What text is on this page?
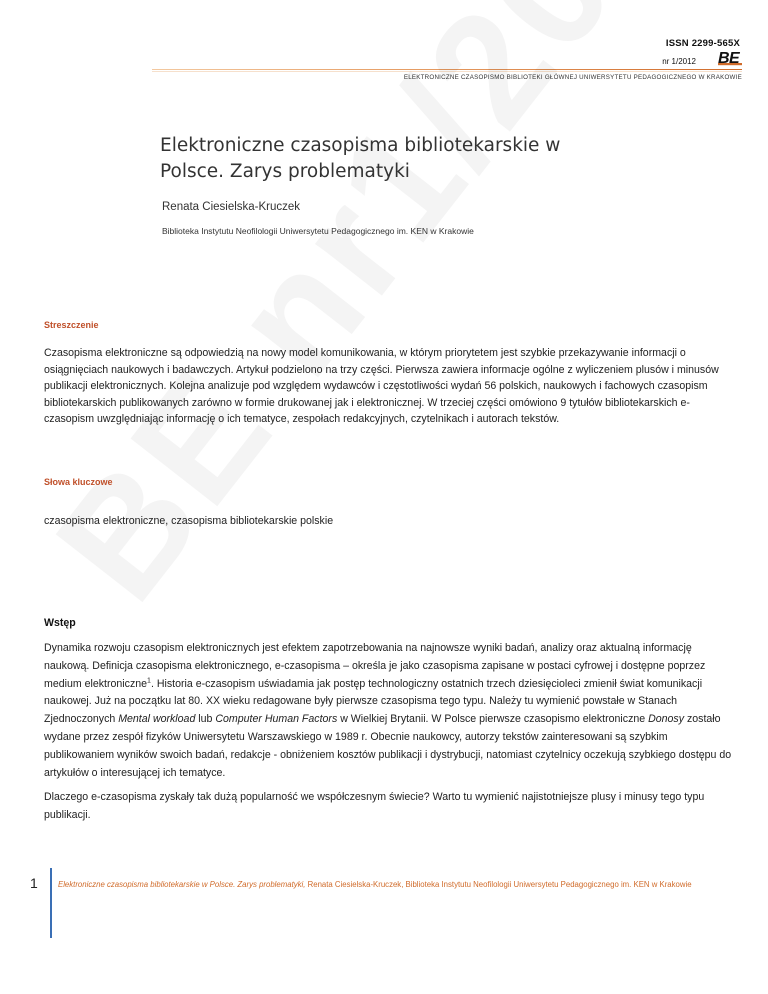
ISSN 2299-565X
nr 1/2012 B E
ELEKTRONICZNE CZASOPISMO BIBLIOTEKI GŁÓWNEJ UNIWERSYTETU PEDAGOGICZNEGO W KRAKOWIE
Elektroniczne czasopisma bibliotekarskie w Polsce. Zarys problematyki
Renata Ciesielska-Kruczek
Biblioteka Instytutu Neofilologii Uniwersytetu Pedagogicznego im. KEN w Krakowie
Streszczenie
Czasopisma elektroniczne są odpowiedzią na nowy model komunikowania, w którym priorytetem jest szybkie przekazywanie informacji o osiągnięciach naukowych i badawczych. Artykuł podzielono na trzy części. Pierwsza zawiera informacje ogólne z wyliczeniem plusów i minusów publikacji elektronicznych. Kolejna analizuje pod względem wydawców i częstotliwości wydań 56 polskich, naukowych i fachowych czasopism bibliotekarskich publikowanych zarówno w formie drukowanej jak i elektronicznej. W trzeciej części omówiono 9 tytułów bibliotekarskich e-czasopism uwzględniając informację o ich tematyce, zespołach redakcyjnych, czytelnikach i autorach tekstów.
Słowa kluczowe
czasopisma elektroniczne, czasopisma bibliotekarskie polskie
Wstęp
Dynamika rozwoju czasopism elektronicznych jest efektem zapotrzebowania na najnowsze wyniki badań, analizy oraz aktualną informację naukową. Definicja czasopisma elektronicznego, e-czasopisma – określa je jako czasopisma zapisane w postaci cyfrowej i dostępne poprzez medium elektroniczne$^1$. Historia e-czasopism uświadamia jak postęp technologiczny ostatnich trzech dziesięcioleci zmienił świat komunikacji naukowej. Już na początku lat 80. XX wieku redagowane były pierwsze czasopisma tego typu. Należy tu wymienić powstałe w Stanach Zjednoczonych Mental workload lub Computer Human Factors w Wielkiej Brytanii. W Polsce pierwsze czasopismo elektroniczne Donosy zostało wydane przez zespół fizyków Uniwersytetu Warszawskiego w 1989 r. Obecnie naukowcy, autorzy tekstów zainteresowani są szybkim publikowaniem wyników swoich badań, redakcje - obniżeniem kosztów publikacji i dystrybucji, natomiast czytelnicy oczekują szybkiego dostępu do artykułów o interesującej ich tematyce.
Dlaczego e-czasopisma zyskały tak dużą popularność we współczesnym świecie? Warto tu wymienić najistotniejsze plusy i minusy tego typu publikacji.
1	Elektroniczne czasopisma bibliotekarskie w Polsce. Zarys problematyki, Renata Ciesielska-Kruczek, Biblioteka Instytutu Neofilologii Uniwersytetu Pedagogicznego im. KEN w Krakowie
